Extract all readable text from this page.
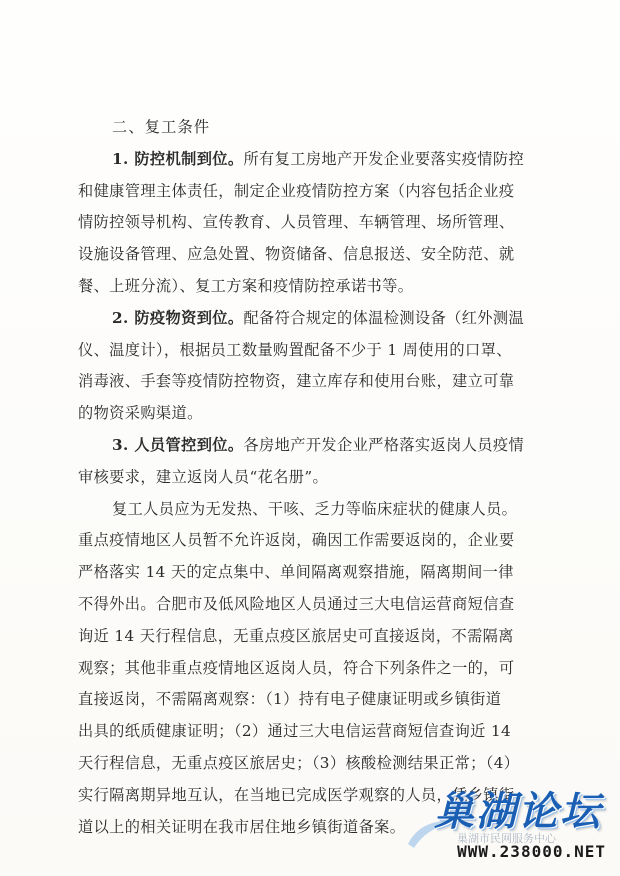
二、复工条件
1. 防控机制到位。所有复工房地产开发企业要落实疫情防控
和健康管理主体责任，制定企业疫情防控方案（内容包括企业疫
情防控领导机构、宣传教育、人员管理、车辆管理、场所管理、
设施设备管理、应急处置、物资储备、信息报送、安全防范、就
餐、上班分流）、复工方案和疫情防控承诺书等。
2. 防疫物资到位。配备符合规定的体温检测设备（红外测温
仪、温度计），根据员工数量购置配备不少于 1 周使用的口罩、
消毒液、手套等疫情防控物资，建立库存和使用台账，建立可靠
的物资采购渠道。
3. 人员管控到位。各房地产开发企业严格落实返岗人员疫情
审核要求，建立返岗人员“花名册”。
复工人员应为无发热、干咳、乏力等临床症状的健康人员。
重点疫情地区人员暂不允许返岗，确因工作需要返岗的，企业要
严格落实 14 天的定点集中、单间隔离观察措施，隔离期间一律
不得外出。合肥市及低风险地区人员通过三大电信运营商短信查
询近 14 天行程信息，无重点疫区旅居史可直接返岗，不需隔离
观察；其他非重点疫情地区返岗人员，符合下列条件之一的，可
直接返岗，不需隔离观察：（1）持有电子健康证明或乡镇街道
出具的纸质健康证明；（2）通过三大电信运营商短信查询近 14
天行程信息，无重点疫区旅居史；（3）核酸检测结果正常；（4）
实行隔离期异地互认，在当地已完成医学观察的人员，凭乡镇街
道以上的相关证明在我市居住地乡镇街道备案。 巢湖论坛
巢湖市民网服务中心
WWW.238000.NET
